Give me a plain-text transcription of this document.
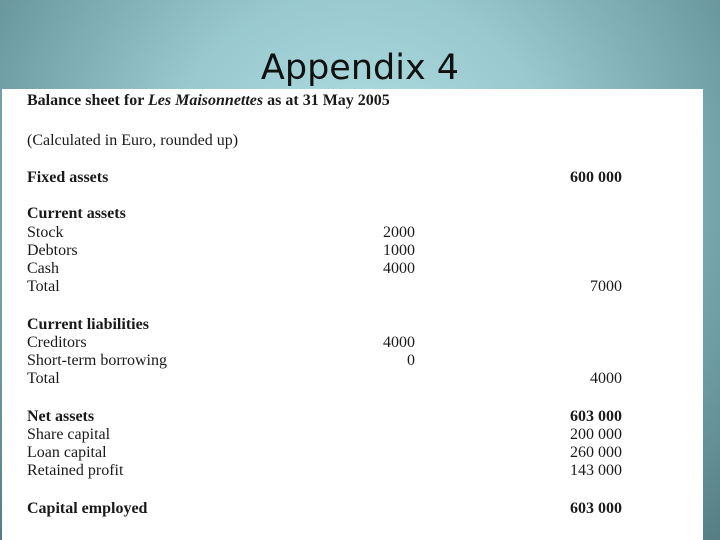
Appendix 4
Balance sheet for Les Maisonnettes as at 31 May 2005
(Calculated in Euro, rounded up)
Fixed assets	600 000
Current assets
Stock	2000
Debtors	1000
Cash	4000
Total	7000
Current liabilities
Creditors	4000
Short-term borrowing	0
Total	4000
Net assets	603 000
Share capital	200 000
Loan capital	260 000
Retained profit	143 000
Capital employed	603 000
